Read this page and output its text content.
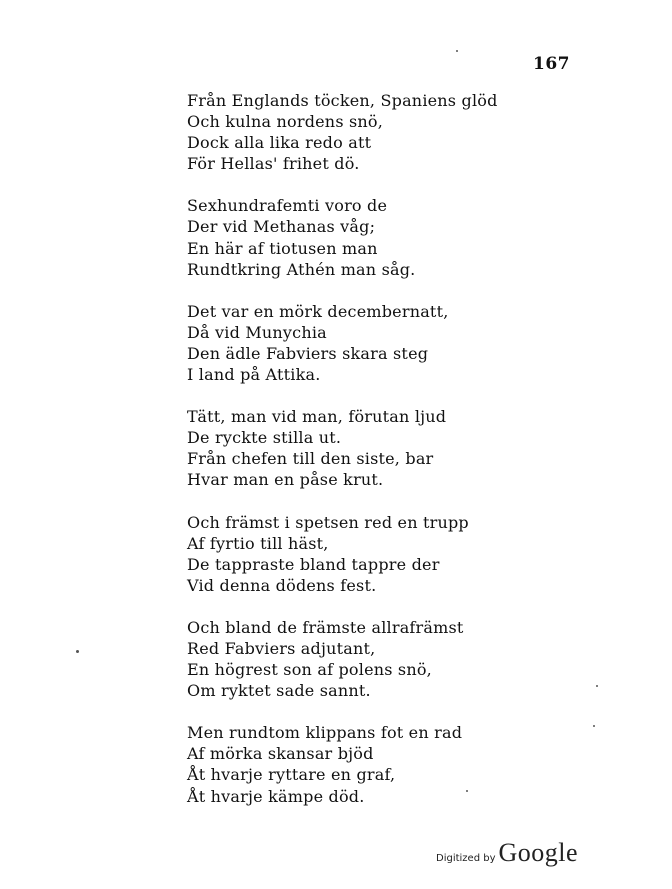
167
Från Englands töcken, Spaniens glöd
Och kulna nordens snö,
Dock alla lika redo att
För Hellas' frihet dö.
Sexhundrafemti voro de
Der vid Methanas våg;
En här af tiotusen man
Rundtkring Athén man såg.
Det var en mörk decembernatt,
Då vid Munychia
Den ädle Fabviers skara steg
I land på Attika.
Tätt, man vid man, förutan ljud
De ryckte stilla ut.
Från chefen till den siste, bar
Hvar man en påse krut.
Och främst i spetsen red en trupp
Af fyrtio till häst,
De tappraste bland tappre der
Vid denna dödens fest.
Och bland de främste allrafrämst
Red Fabviers adjutant,
En högrest son af polens snö,
Om ryktet sade sannt.
Men rundtom klippans fot en rad
Af mörka skansar bjöd
Åt hvarje ryttare en graf,
Åt hvarje kämpe död.
Digitized by Google
